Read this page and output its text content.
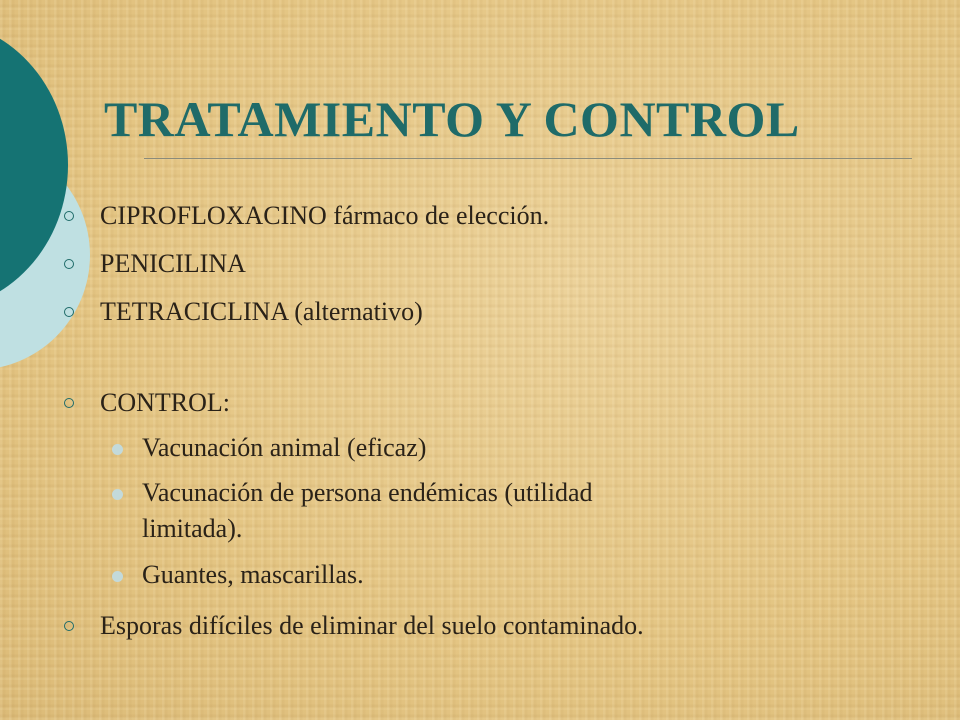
TRATAMIENTO Y CONTROL
CIPROFLOXACINO fármaco de elección.
PENICILINA
TETRACICLINA (alternativo)
CONTROL:
Vacunación animal (eficaz)
Vacunación de persona endémicas (utilidad
limitada).
Guantes, mascarillas.
Esporas difíciles de eliminar del suelo contaminado.
